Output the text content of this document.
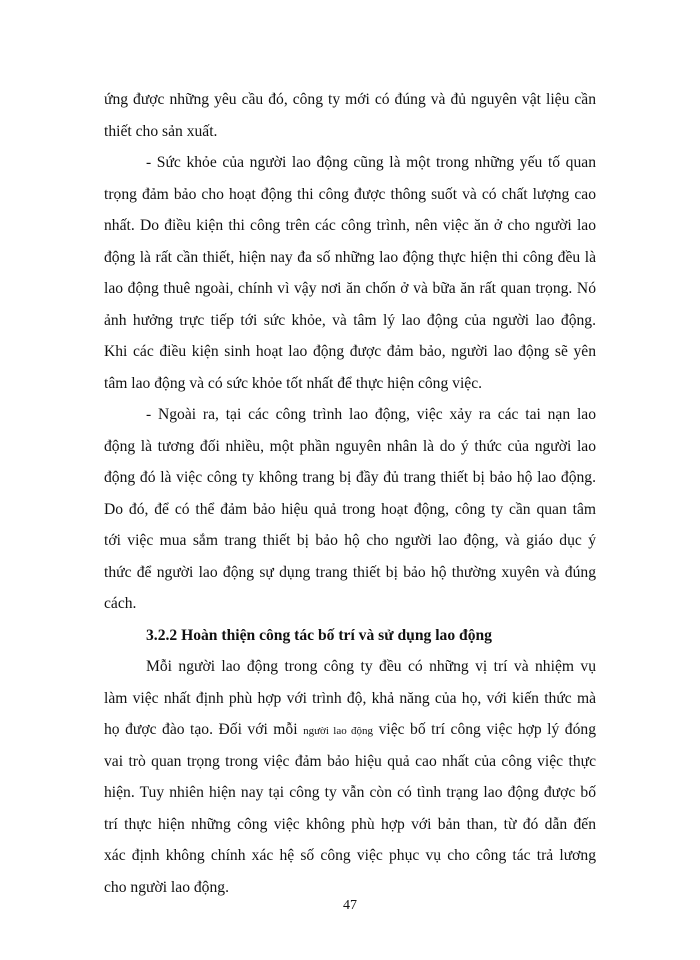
ứng được những yêu cầu đó, công ty mới có đúng và đủ nguyên vật liệu cần
thiết cho sản xuất.
- Sức khỏe của người lao động cũng là một trong những yếu tố quan
trọng đảm bảo cho hoạt động thi công được thông suốt và có chất lượng cao
nhất. Do điều kiện thi công trên các công trình, nên việc ăn ở cho người lao
động là rất cần thiết, hiện nay đa số những lao động thực hiện thi công đều là
lao động thuê ngoài, chính vì vậy nơi ăn chốn ở và bữa ăn rất quan trọng. Nó
ảnh hưởng trực tiếp tới sức khỏe, và tâm lý lao động của người lao động.
Khi các điều kiện sinh hoạt lao động được đảm bảo, người lao động sẽ yên
tâm lao động và có sức khỏe tốt nhất để thực hiện công việc.
- Ngoài ra, tại các công trình lao động, việc xảy ra các tai nạn lao
động là tương đối nhiều, một phần nguyên nhân là do ý thức của người lao
động đó là việc công ty không trang bị đầy đủ trang thiết bị bảo hộ lao động.
Do đó, để có thể đảm bảo hiệu quả trong hoạt động, công ty cần quan tâm
tới việc mua sắm trang thiết bị bảo hộ cho người lao động, và giáo dục ý
thức để người lao động sự dụng trang thiết bị bảo hộ thường xuyên và đúng
cách.
3.2.2 Hoàn thiện công tác bố trí và sử dụng lao động
Mỗi người lao động trong công ty đều có những vị trí và nhiệm vụ
làm việc nhất định phù hợp với trình độ, khả năng của họ, với kiến thức mà
họ được đào tạo. Đối với mỗi người lao động việc bố trí công việc hợp lý đóng
vai trò quan trọng trong việc đảm bảo hiệu quả cao nhất của công việc thực
hiện. Tuy nhiên hiện nay tại công ty vẫn còn có tình trạng lao động được bố
trí thực hiện những công việc không phù hợp với bản than, từ đó dẫn đến
xác định không chính xác hệ số công việc phục vụ cho công tác trả lương
cho người lao động.
47
